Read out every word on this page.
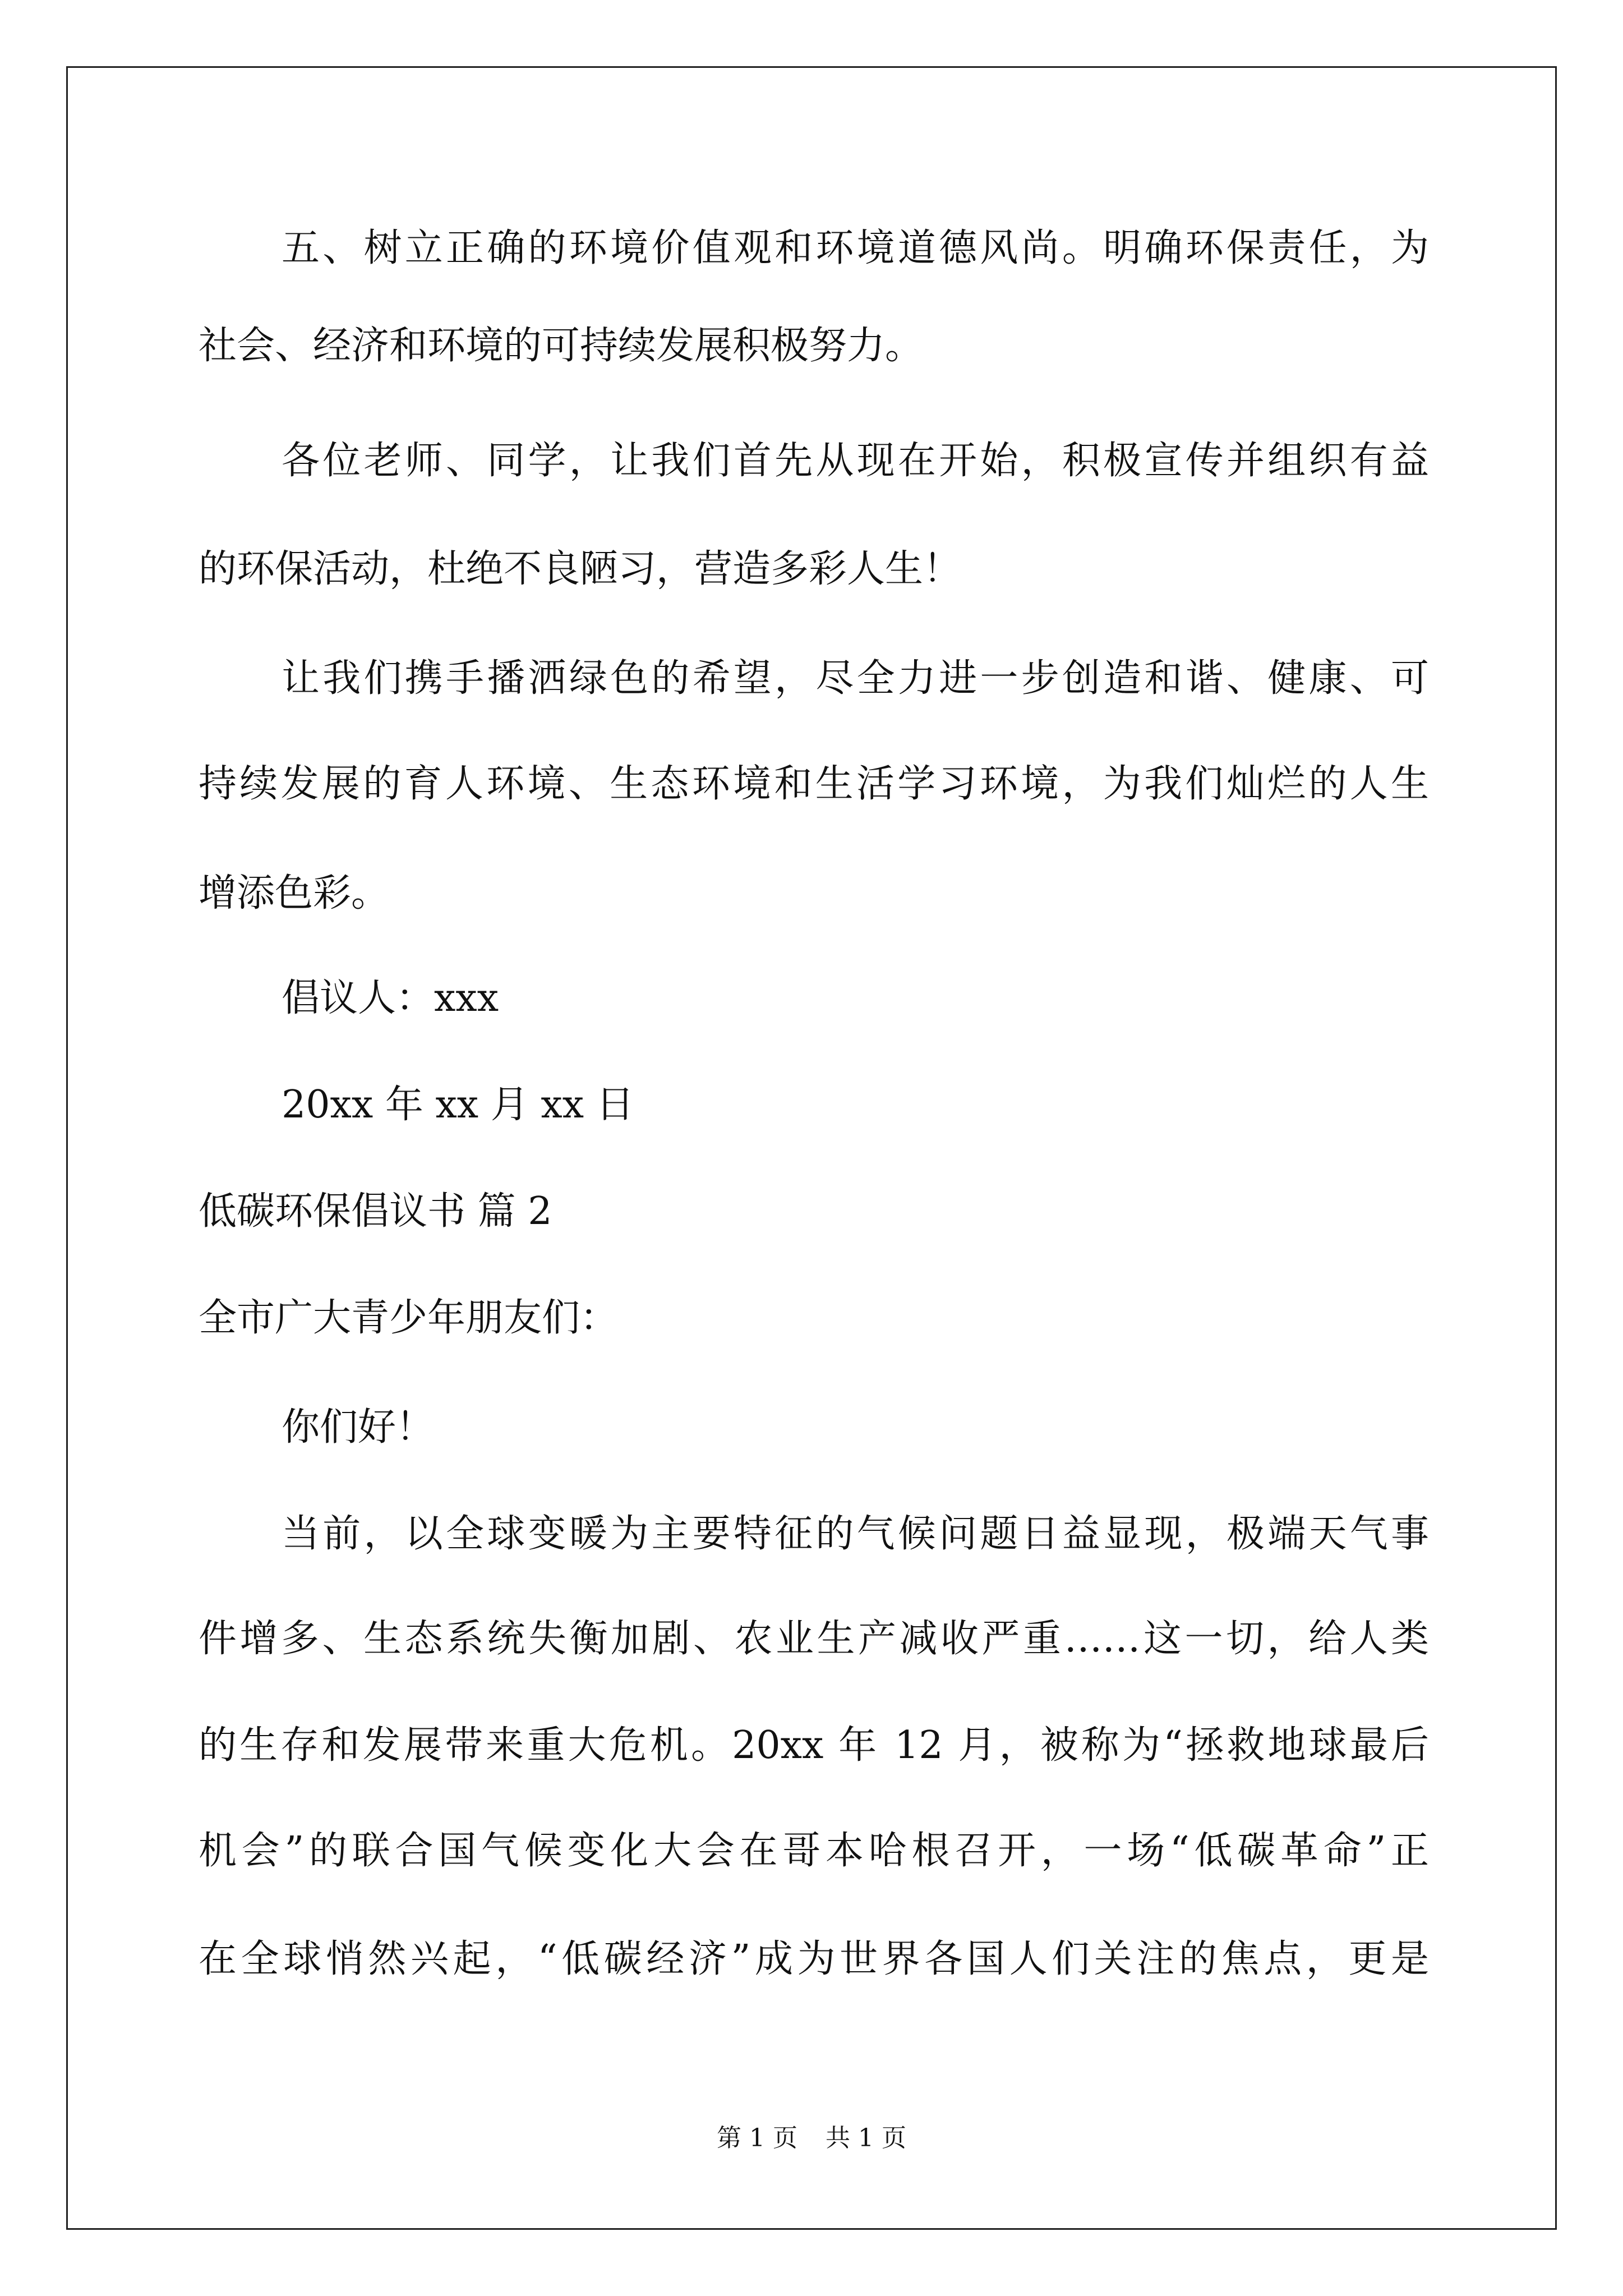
五、树立正确的环境价值观和环境道德风尚。明确环保责任，为
社会、经济和环境的可持续发展积极努力。
各位老师、同学，让我们首先从现在开始，积极宣传并组织有益
的环保活动，杜绝不良陋习，营造多彩人生！
让我们携手播洒绿色的希望，尽全力进一步创造和谐、健康、可
持续发展的育人环境、生态环境和生活学习环境，为我们灿烂的人生
增添色彩。
倡议人：xxx
20xx 年 xx 月 xx 日
低碳环保倡议书 篇 2
全市广大青少年朋友们：
你们好！
当前，以全球变暖为主要特征的气候问题日益显现，极端天气事
件增多、生态系统失衡加剧、农业生产减收严重……这一切，给人类
的生存和发展带来重大危机。20xx 年 12 月，被称为“拯救地球最后
机会”的联合国气候变化大会在哥本哈根召开，一场“低碳革命”正
在全球悄然兴起，“低碳经济”成为世界各国人们关注的焦点，更是
第 1 页 共 1 页
